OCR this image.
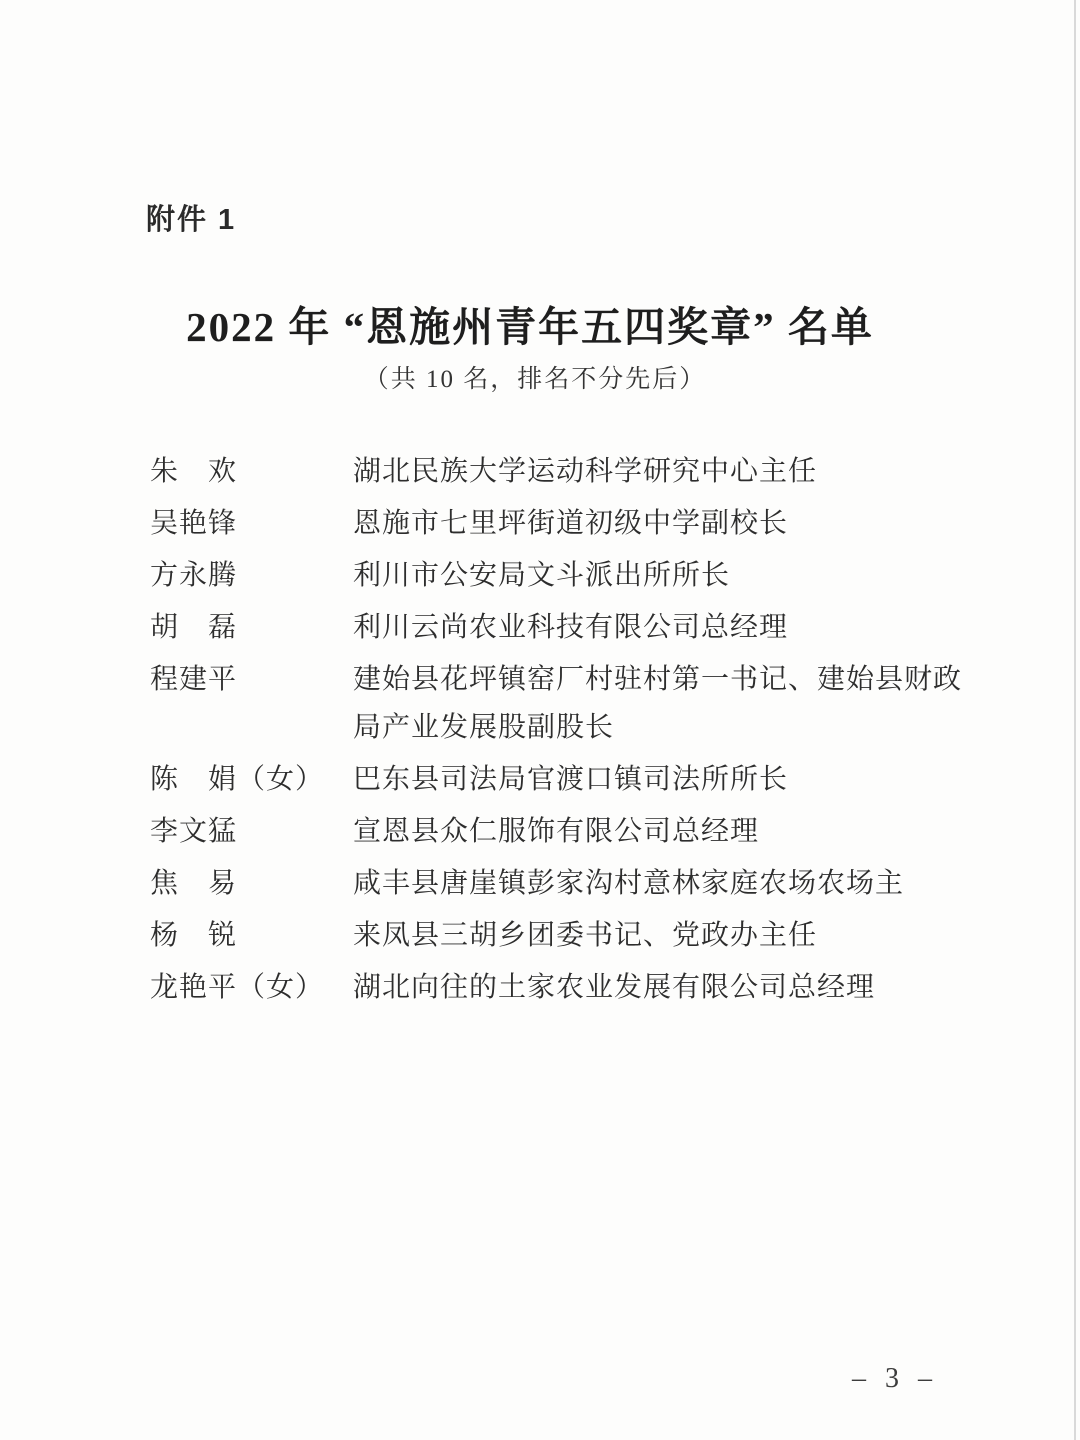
附件 1
2022 年 “恩施州青年五四奖章” 名单
（共 10 名，排名不分先后）
朱　欢	湖北民族大学运动科学研究中心主任
吴艳锋	恩施市七里坪街道初级中学副校长
方永腾	利川市公安局文斗派出所所长
胡　磊	利川云尚农业科技有限公司总经理
程建平	建始县花坪镇窑厂村驻村第一书记、建始县财政局产业发展股副股长
陈　娟（女）	巴东县司法局官渡口镇司法所所长
李文猛	宣恩县众仁服饰有限公司总经理
焦　易	咸丰县唐崖镇彭家沟村意林家庭农场农场主
杨　锐	来凤县三胡乡团委书记、党政办主任
龙艳平（女）	湖北向往的土家农业发展有限公司总经理
– 3 –
